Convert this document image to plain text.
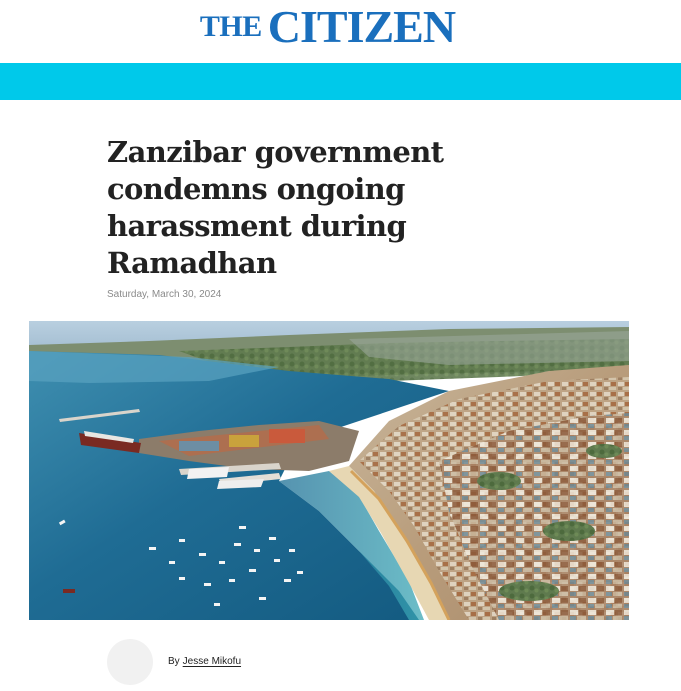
THE CITIZEN
Zanzibar government condemns ongoing harassment during Ramadhan
Saturday, March 30, 2024
By Jesse Mikofu
